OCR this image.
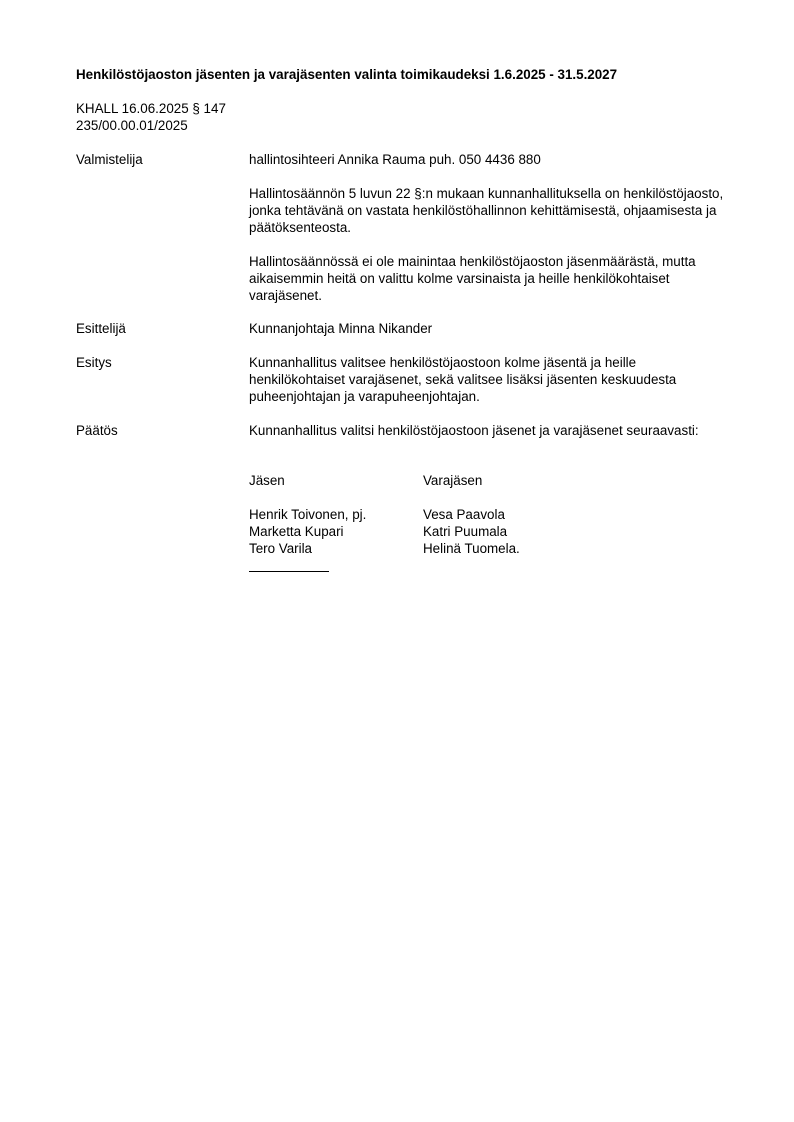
Henkilöstöjaoston jäsenten ja varajäsenten valinta toimikaudeksi 1.6.2025 - 31.5.2027
KHALL 16.06.2025 § 147
235/00.00.01/2025
Valmistelija	hallintosihteeri Annika Rauma puh. 050 4436 880

Hallintosäännön 5 luvun 22 §:n mukaan kunnanhallituksella on henkilöstöjaosto, jonka tehtävänä on vastata henkilöstöhallinnon kehittämisestä, ohjaamisesta ja päätöksenteosta.

Hallintosäännössä ei ole mainintaa henkilöstöjaoston jäsenmäärästä, mutta aikaisemmin heitä on valittu kolme varsinaista ja heille henkilökohtaiset varajäsenet.

Esittelijä	Kunnanjohtaja Minna Nikander
Esitys	Kunnanhallitus valitsee henkilöstöjaostoon kolme jäsentä ja heille henkilökohtaiset varajäsenet, sekä valitsee lisäksi jäsenten keskuudesta puheenjohtajan ja varapuheenjohtajan.

Päätös	Kunnanhallitus valitsi henkilöstöjaostoon jäsenet ja varajäsenet seuraavasti:

Jäsen	Varajäsen
Henrik Toivonen, pj.	Vesa Paavola
Marketta Kupari	Katri Puumala
Tero Varila	Helinä Tuomela.
